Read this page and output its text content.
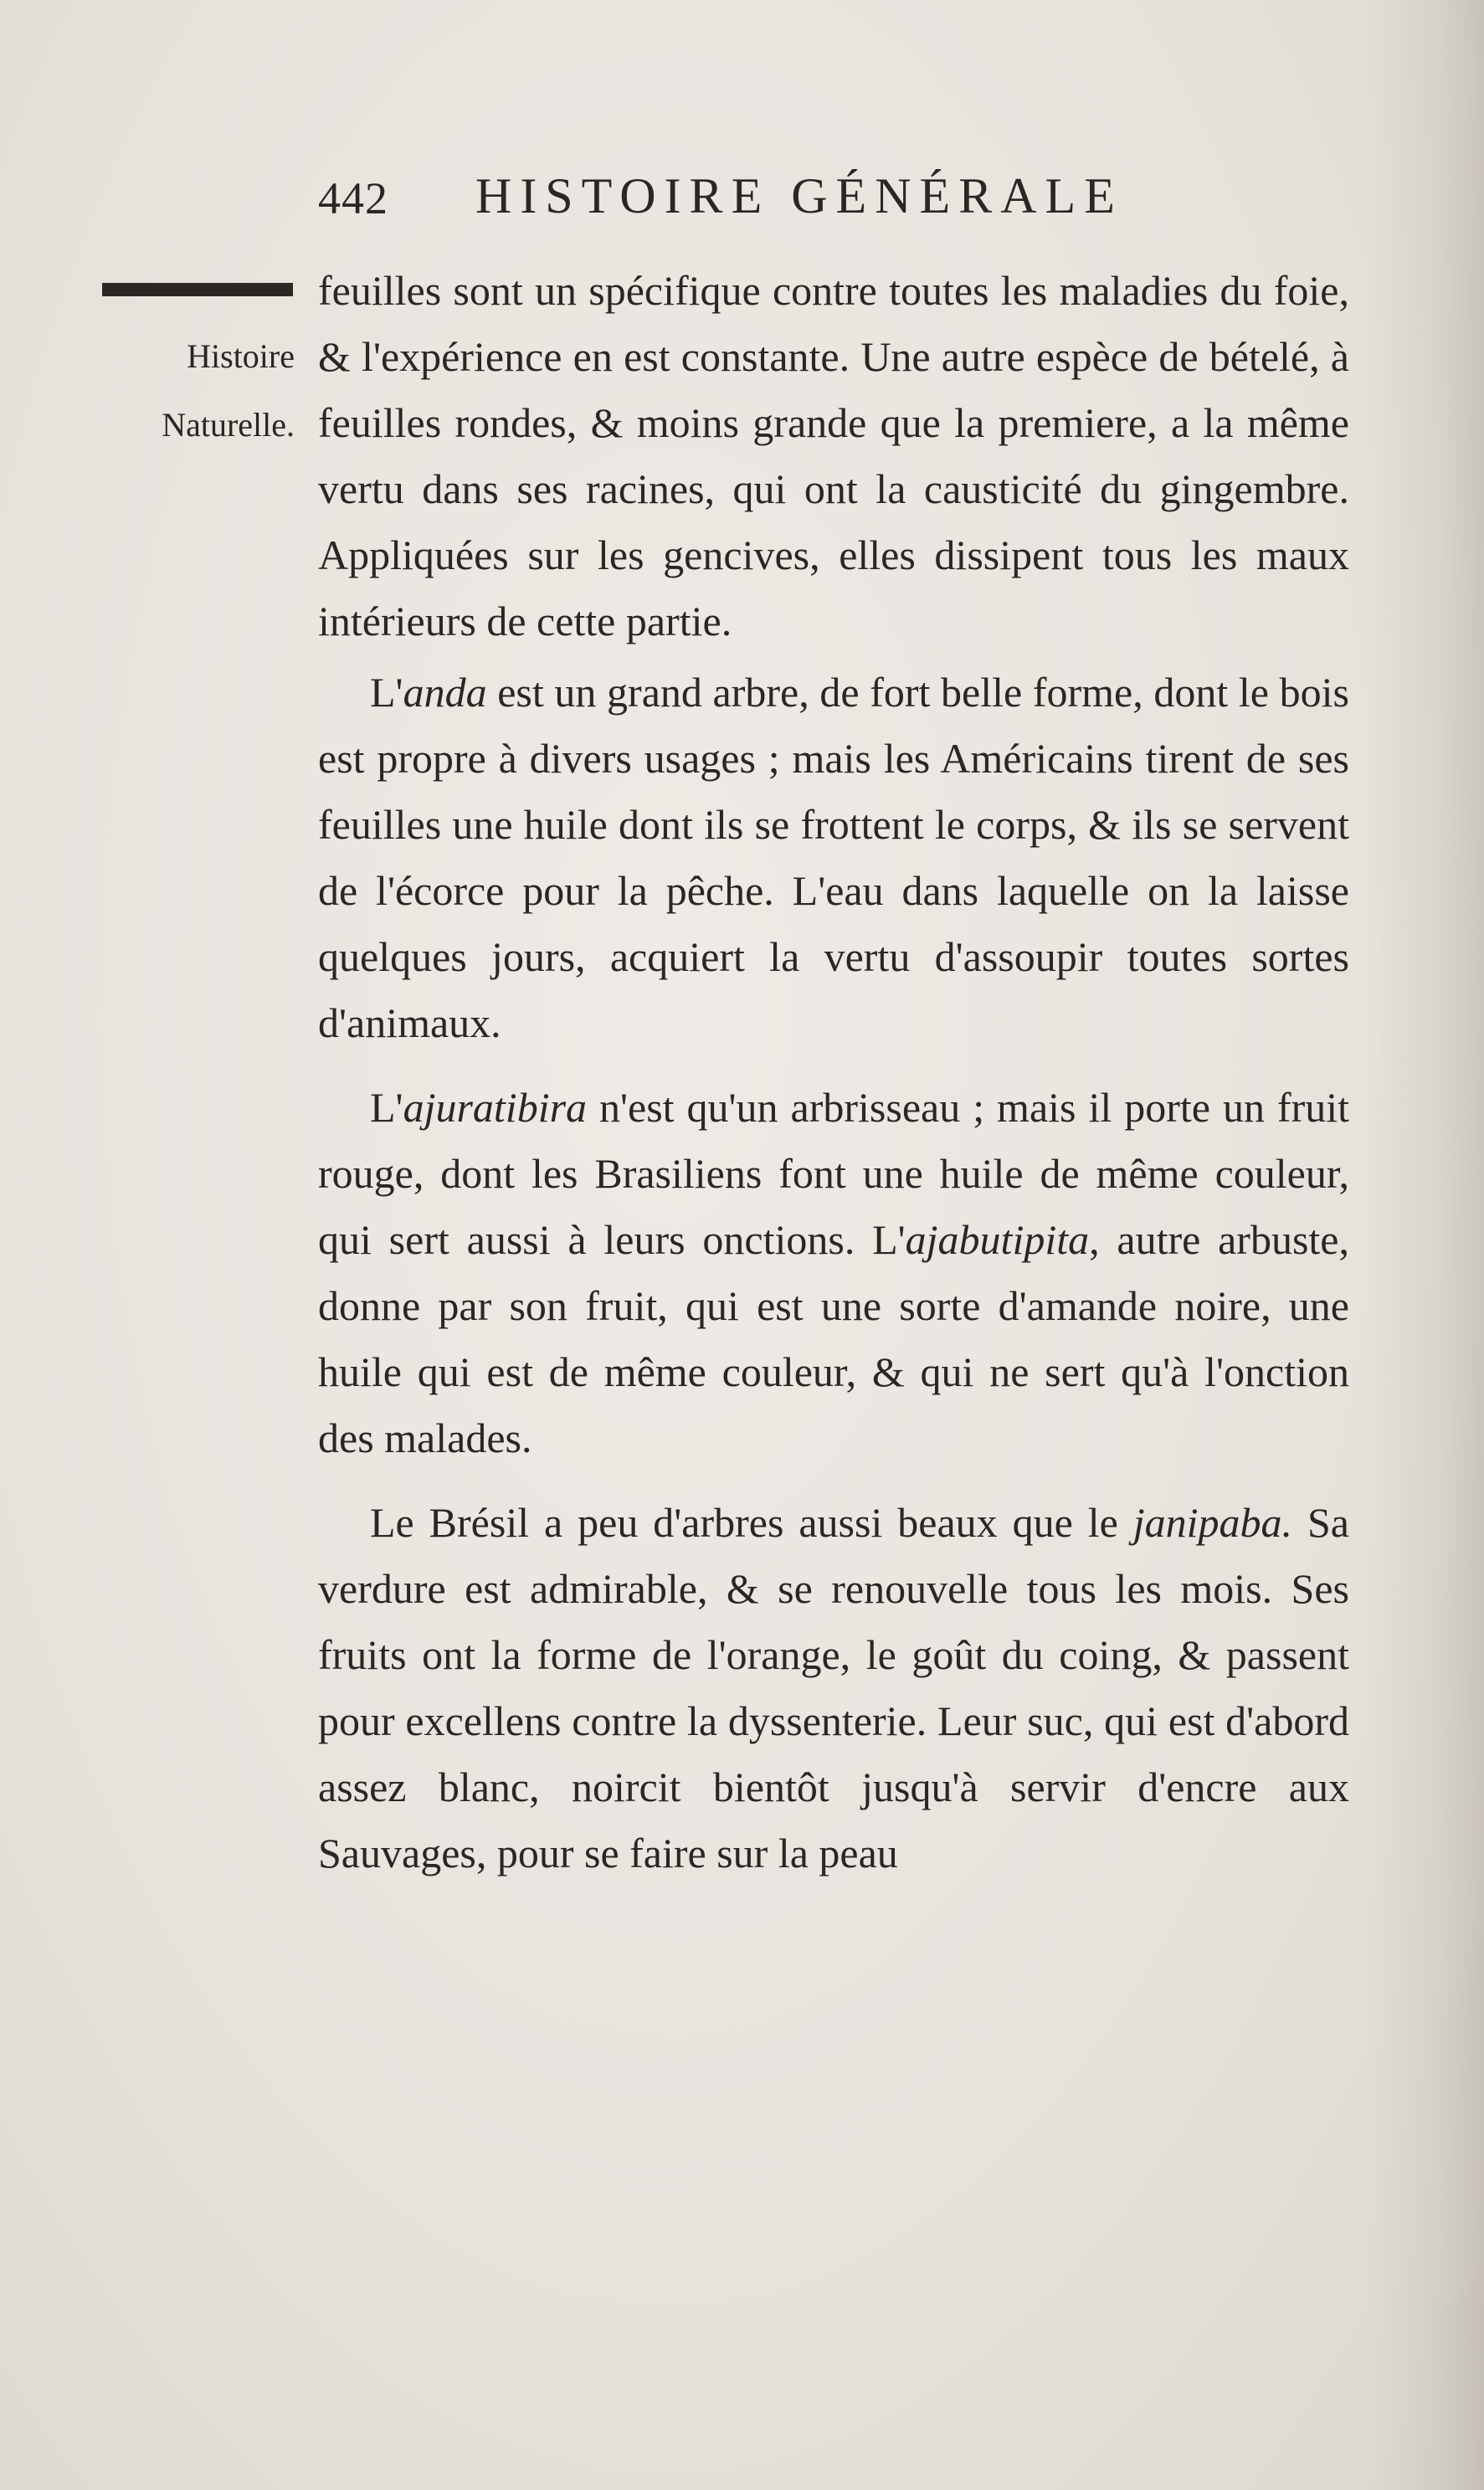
442 HISTOIRE GÉNÉRALE
Histoire
Naturelle.

feuilles sont un spécifique contre toutes les maladies du foie, & l'expérience en est constante. Une autre espèce de bételé, à feuilles rondes, & moins grande que la premiere, a la même vertu dans ses racines, qui ont la causticité du gingembre. Appliquées sur les gencives, elles dissipent tous les maux intérieurs de cette partie.

L'anda est un grand arbre, de fort belle forme, dont le bois est propre à divers usages ; mais les Américains tirent de ses feuilles une huile dont ils se frottent le corps, & ils se servent de l'écorce pour la pêche. L'eau dans laquelle on la laisse quelques jours, acquiert la vertu d'assoupir toutes sortes d'animaux.

L'ajuratibira n'est qu'un arbrisseau ; mais il porte un fruit rouge, dont les Brasiliens font une huile de même couleur, qui sert aussi à leurs onctions. L'ajabutipita, autre arbuste, donne par son fruit, qui est une sorte d'amande noire, une huile qui est de même couleur, & qui ne sert qu'à l'onction des malades.

Le Brésil a peu d'arbres aussi beaux que le janipaba. Sa verdure est admirable, & se renouvelle tous les mois. Ses fruits ont la forme de l'orange, le goût du coing, & passent pour excellens contre la dyssenterie. Leur suc, qui est d'abord assez blanc, noircit bientôt jusqu'à servir d'encre aux Sauvages, pour se faire sur la peau
